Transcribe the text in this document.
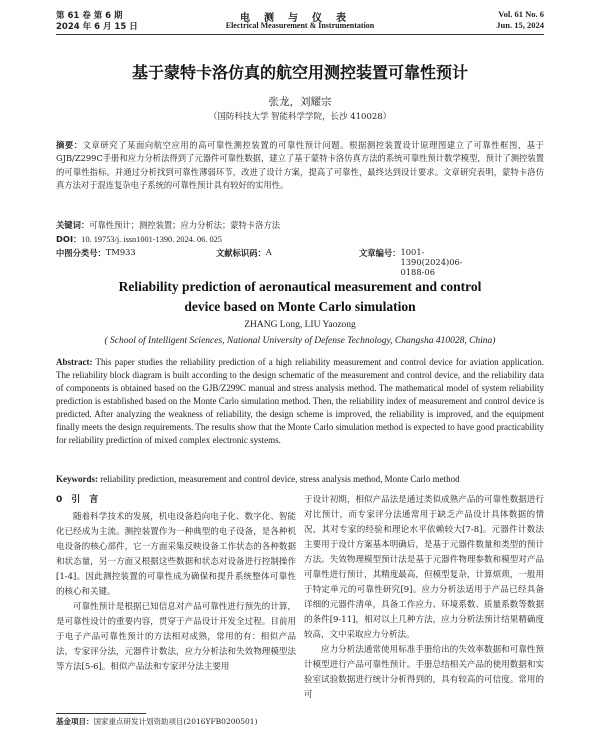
第 61 卷 第 6 期
2024 年 6 月 15 日
电测与仪表
Electrical Measurement & Instrumentation
Vol. 61 No. 6
Jun. 15, 2024
基于蒙特卡洛仿真的航空用测控装置可靠性预计
张龙，刘耀宗
（国防科技大学 智能科学学院，长沙 410028）
摘要：文章研究了某面向航空应用的高可靠性测控装置的可靠性预计问题。根据测控装置设计原理图建立了可靠性框图，基于GJB/Z299C手册和应力分析法得到了元器件可靠性数据，建立了基于蒙特卡洛仿真方法的系统可靠性预计数学模型，预计了测控装置的可靠性指标。并通过分析找到可靠性薄弱环节，改进了设计方案，提高了可靠性，最终达到设计要求。文章研究表明，蒙特卡洛仿真方法对于混连复杂电子系统的可靠性预计具有较好的实用性。
关键词：可靠性预计；测控装置；应力分析法；蒙特卡洛方法
DOI：10. 19753/j. issn1001-1390. 2024. 06. 025
中图分类号： TM933	文献标识码： A	文章编号： 1001-1390(2024)06-0188-06
Reliability prediction of aeronautical measurement and control
device based on Monte Carlo simulation
ZHANG Long, LIU Yaozong
( School of Intelligent Sciences, National University of Defense Technology, Changsha 410028, China)
Abstract: This paper studies the reliability prediction of a high reliability measurement and control device for aviation application. The reliability block diagram is built according to the design schematic of the measurement and control device, and the reliability data of components is obtained based on the GJB/Z299C manual and stress analysis method. The mathematical model of system reliability prediction is established based on the Monte Carlo simulation method. Then, the reliability index of measurement and control device is predicted. After analyzing the weakness of reliability, the design scheme is improved, the reliability is improved, and the equipment finally meets the design requirements. The results show that the Monte Carlo simulation method is expected to have good practicability for reliability prediction of mixed complex electronic systems.
Keywords: reliability prediction, measurement and control device, stress analysis method, Monte Carlo method
0　引　言

随着科学技术的发展，机电设备趋向电子化、数字化、智能化已经成为主流。测控装置作为一种典型的电子设备，是各种机电设备的核心部件，它一方面采集反映设备工作状态的各种数据和状态量，另一方面又根据这些数据和状态对设备进行控制操作[1-4]。因此测控装置的可靠性成为确保和提升系统整体可靠性的核心和关键。

可靠性预计是根据已知信息对产品可靠性进行预先的计算，是可靠性设计的重要内容，贯穿于产品设计开发全过程。目前用于电子产品可靠性预计的方法相对成熟，常用的有：相似产品法，专家评分法，元器件计数法，应力分析法和失效物理模型法等方法[5-6]。相似产品法和专家评分法主要用

于设计初期，相似产品法是通过类似成熟产品的可靠性数据进行对比预计，而专家评分法通常用于缺乏产品设计具体数据的情况，其对专家的经验和理论水平依赖较大[7-8]。元器件计数法主要用于设计方案基本明确后，是基于元器件数量和类型的预计方法。失效物理模型预计法是基于元器件物理参数和模型对产品可靠性进行预计，其精度最高，但模型复杂，计算烦琐，一般用于特定单元的可靠性研究[9]。应力分析法适用于产品已经具备详细的元器件清单，具备工作应力、环境系数、质量系数等数据的条件[9-11]，相对以上几种方法，应力分析法预计结果精确度较高，文中采取应力分析法。

应力分析法通常使用标准手册给出的失效率数据和可靠性预计模型进行产品可靠性预计。手册总结相关产品的使用数据和实验室试验数据进行统计分析得到的，具有较高的可信度。常用的可

基金项目：国家重点研发计划资助项目(2016YFB0200501)
